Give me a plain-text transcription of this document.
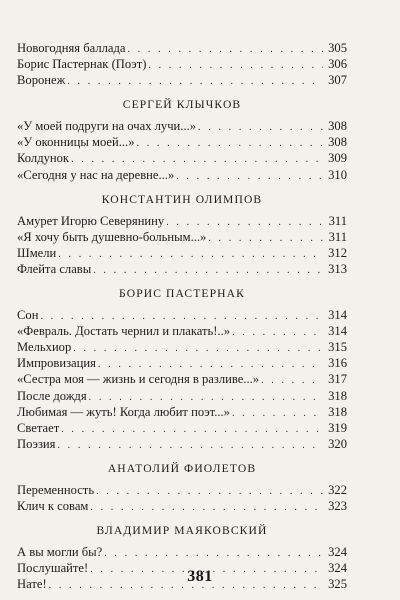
Новогодняя баллада . . .	305
Борис Пастернак (Поэт) . . .	306
Воронеж . . .	307
СЕРГЕЙ КЛЫЧКОВ
«У моей подруги на очах лучи...» . . .	308
«У оконницы моей...» . . .	308
Колдунок . . .	309
«Сегодня у нас на деревне...» . . .	310
КОНСТАНТИН ОЛИМПОВ
Амурет Игорю Северянину . . .	311
«Я хочу быть душевно-больным...» . . .	311
Шмели . . .	312
Флейта славы . . .	313
БОРИС ПАСТЕРНАК
Сон . . .	314
«Февраль. Достать чернил и плакать!..» . . .	314
Мельхиор . . .	315
Импровизация . . .	316
«Сестра моя — жизнь и сегодня в разливе...» . . .	317
После дождя . . .	318
Любимая — жуть! Когда любит поэт...» . . .	318
Светает . . .	319
Поэзия . . .	320
АНАТОЛИЙ ФИОЛЕТОВ
Переменность . . .	322
Клич к совам . . .	323
ВЛАДИМИР МАЯКОВСКИЙ
А вы могли бы? . . .	324
Послушайте! . . .	324
Нате! . . .	325
381
